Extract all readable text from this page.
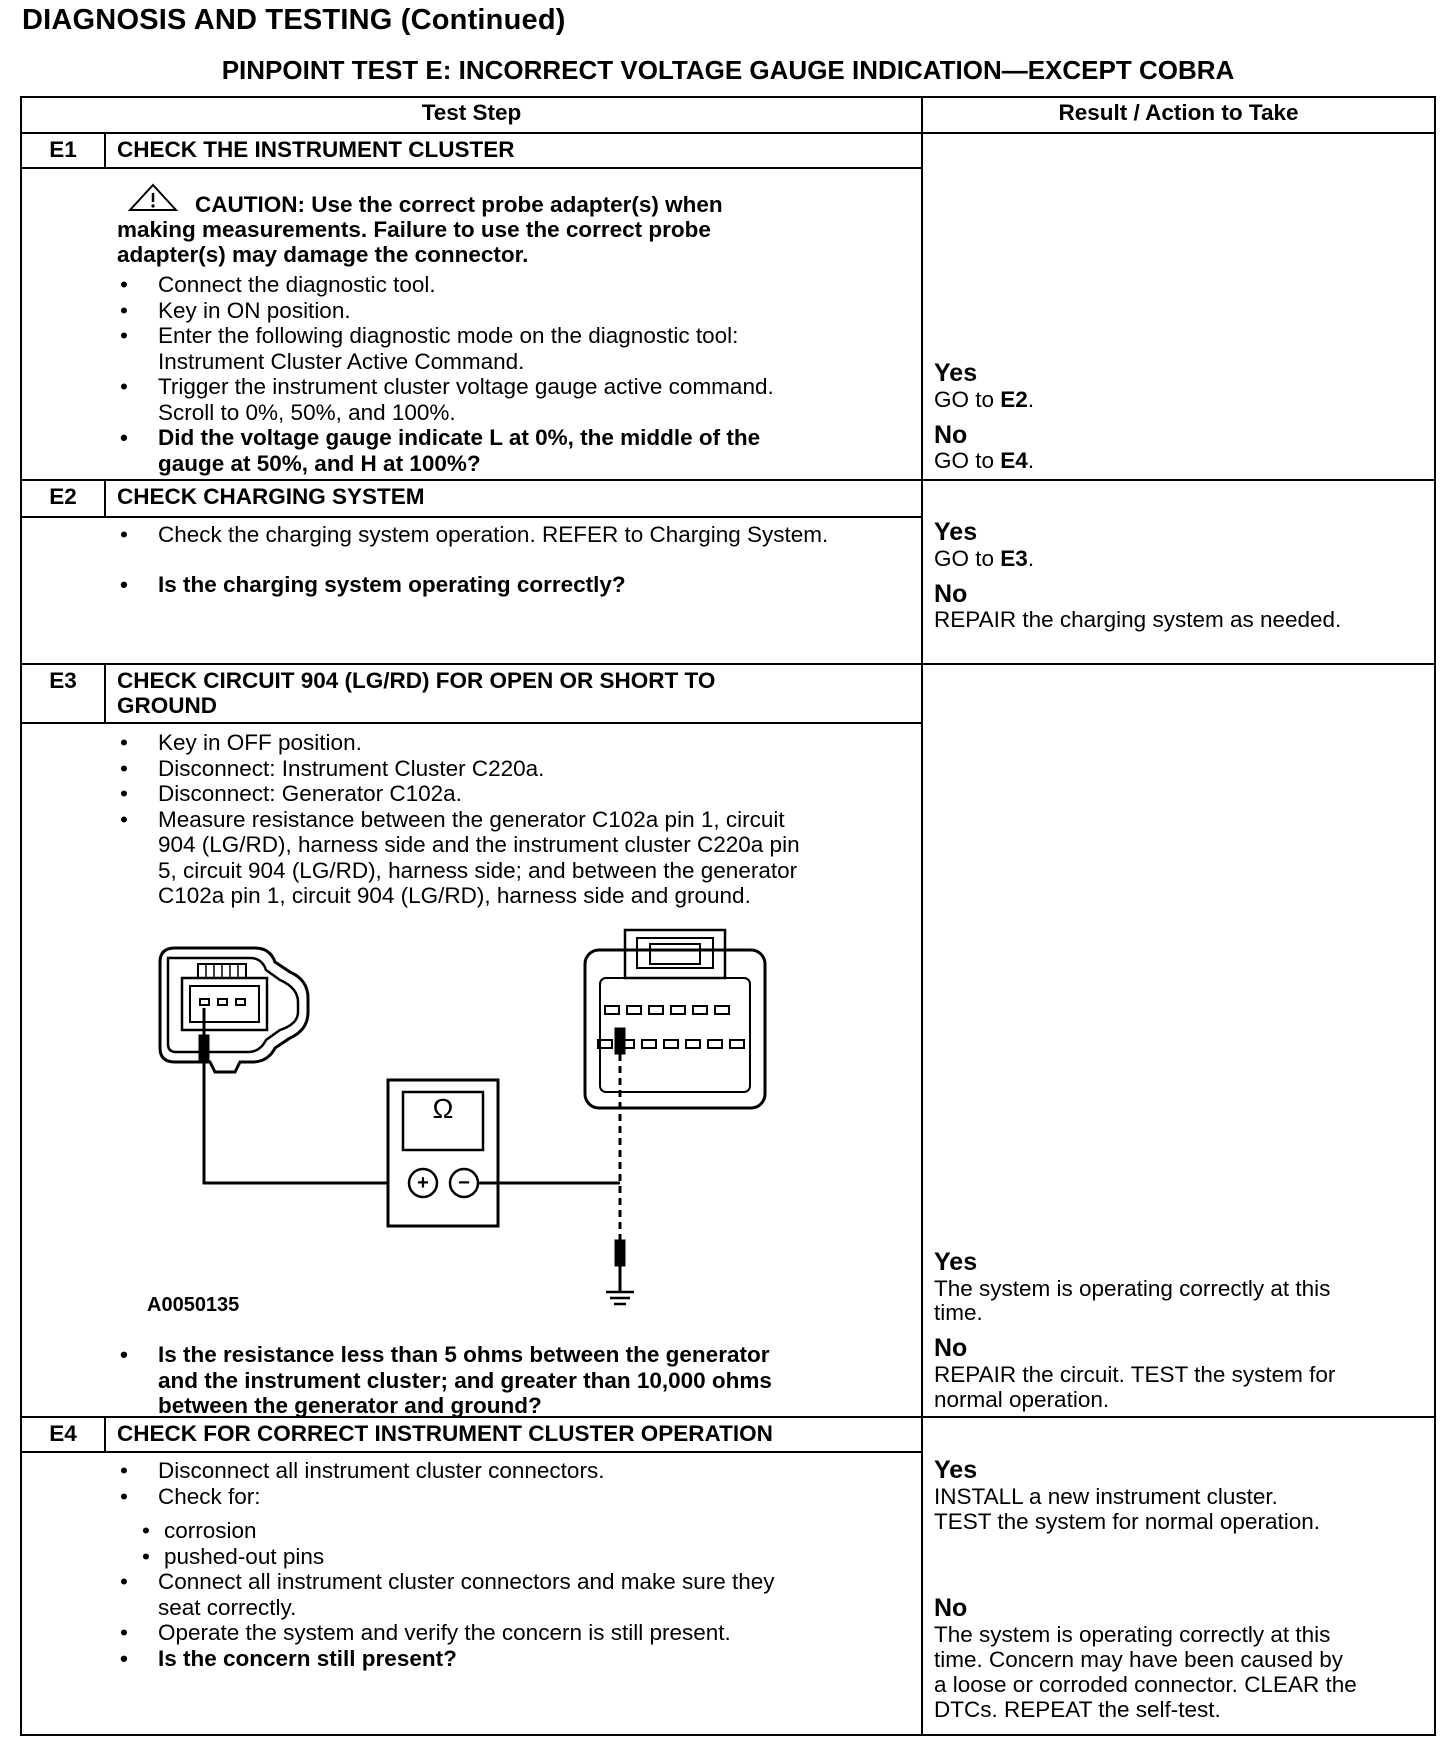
DIAGNOSIS AND TESTING (Continued)
PINPOINT TEST E: INCORRECT VOLTAGE GAUGE INDICATION—EXCEPT COBRA
Test Step	Result / Action to Take
E1	CHECK THE INSTRUMENT CLUSTER
CAUTION: Use the correct probe adapter(s) when
making measurements. Failure to use the correct probe
adapter(s) may damage the connector.
• Connect the diagnostic tool.
• Key in ON position.
• Enter the following diagnostic mode on the diagnostic tool:
Instrument Cluster Active Command.
• Trigger the instrument cluster voltage gauge active command.
Scroll to 0%, 50%, and 100%.
• Did the voltage gauge indicate L at 0%, the middle of the
gauge at 50%, and H at 100%?
Yes
GO to E2.
No
GO to E4.
E2	CHECK CHARGING SYSTEM
• Check the charging system operation. REFER to Charging System.
• Is the charging system operating correctly?
Yes
GO to E3.
No
REPAIR the charging system as needed.
E3	CHECK CIRCUIT 904 (LG/RD) FOR OPEN OR SHORT TO
GROUND
• Key in OFF position.
• Disconnect: Instrument Cluster C220a.
• Disconnect: Generator C102a.
• Measure resistance between the generator C102a pin 1, circuit
904 (LG/RD), harness side and the instrument cluster C220a pin
5, circuit 904 (LG/RD), harness side; and between the generator
C102a pin 1, circuit 904 (LG/RD), harness side and ground.
Ω
+	−
A0050135
• Is the resistance less than 5 ohms between the generator
and the instrument cluster; and greater than 10,000 ohms
between the generator and ground?
Yes
The system is operating correctly at this
time.
No
REPAIR the circuit. TEST the system for
normal operation.
E4	CHECK FOR CORRECT INSTRUMENT CLUSTER OPERATION
• Disconnect all instrument cluster connectors.
• Check for:
• corrosion
• pushed-out pins
• Connect all instrument cluster connectors and make sure they
seat correctly.
• Operate the system and verify the concern is still present.
• Is the concern still present?
Yes
INSTALL a new instrument cluster.
TEST the system for normal operation.
No
The system is operating correctly at this
time. Concern may have been caused by
a loose or corroded connector. CLEAR the
DTCs. REPEAT the self-test.
